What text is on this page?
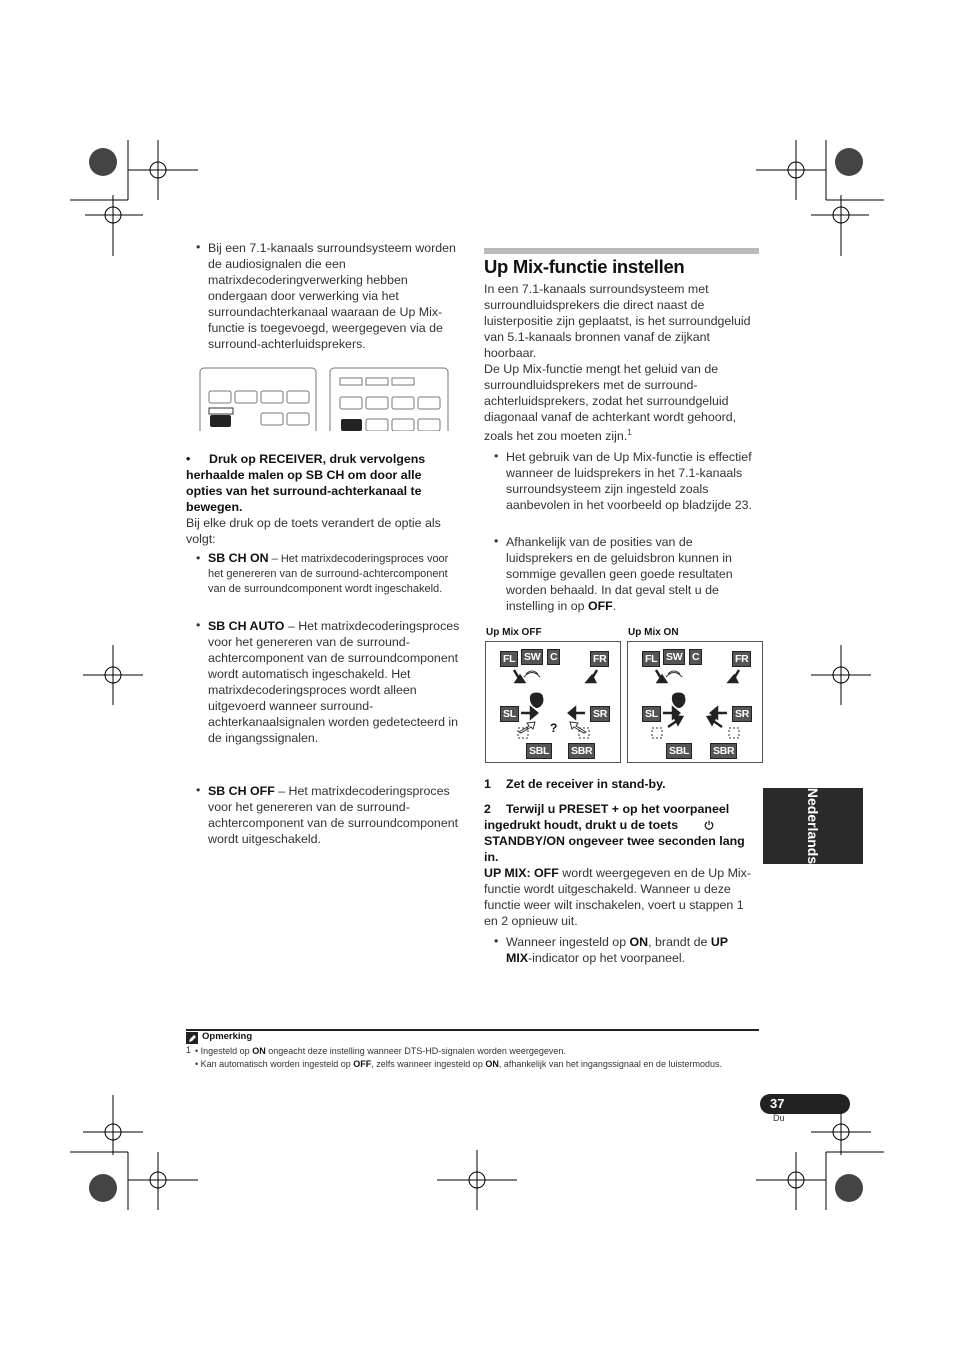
• Bij een 7.1-kanaals surroundsysteem worden de audiosignalen die een matrixdecoderingverwerking hebben ondergaan door verwerking via het surroundachterkanaal waaraan de Up Mix-functie is toegevoegd, weergegeven via de surround-achterluidsprekers.
•	Druk op RECEIVER, druk vervolgens herhaalde malen op SB CH om door alle opties van het surround-achterkanaal te bewegen.
Bij elke druk op de toets verandert de optie als volgt:
• SB CH ON – Het matrixdecoderingsproces voor het genereren van de surround-achtercomponent van de surroundcomponent wordt ingeschakeld.
• SB CH AUTO – Het matrixdecoderingsproces voor het genereren van de surround-achtercomponent van de surroundcomponent wordt automatisch ingeschakeld. Het matrixdecoderingsproces wordt alleen uitgevoerd wanneer surround-achterkanaalsignalen worden gedetecteerd in de ingangssignalen.
• SB CH OFF – Het matrixdecoderingsproces voor het genereren van de surround-achtercomponent van de surroundcomponent wordt uitgeschakeld.
Up Mix-functie instellen
In een 7.1-kanaals surroundsysteem met surroundluidsprekers die direct naast de luisterpositie zijn geplaatst, is het surroundgeluid van 5.1-kanaals bronnen vanaf de zijkant hoorbaar.
De Up Mix-functie mengt het geluid van de surroundluidsprekers met de surround-achterluidsprekers, zodat het surroundgeluid diagonaal vanaf de achterkant wordt gehoord, zoals het zou moeten zijn.$^1$
• Het gebruik van de Up Mix-functie is effectief wanneer de luidsprekers in het 7.1-kanaals surroundsysteem zijn ingesteld zoals aanbevolen in het voorbeeld op bladzijde 23.
• Afhankelijk van de posities van de luidsprekers en de geluidsbron kunnen in sommige gevallen geen goede resultaten worden behaald. In dat geval stelt u de instelling in op OFF.
Up Mix OFF	Up Mix ON
FL SW C	FR
SL	SR
?
SBL SBR
FL SW C	FR
SL	SR
SBL SBR
1 Zet de receiver in stand-by.
2	Terwijl u PRESET + op het voorpaneel ingedrukt houdt, drukt u de toets  STANDBY/ON ongeveer twee seconden lang in.
UP MIX: OFF wordt weergegeven en de Up Mix-functie wordt uitgeschakeld. Wanneer u deze functie weer wilt inschakelen, voert u stappen 1 en 2 opnieuw uit.
• Wanneer ingesteld op ON, brandt de UP MIX-indicator op het voorpaneel.
Nederlands
Opmerking
1 • Ingesteld op ON ongeacht deze instelling wanneer DTS-HD-signalen worden weergegeven.
• Kan automatisch worden ingesteld op OFF, zelfs wanneer ingesteld op ON, afhankelijk van het ingangssignaal en de luistermodus.
37
Du
